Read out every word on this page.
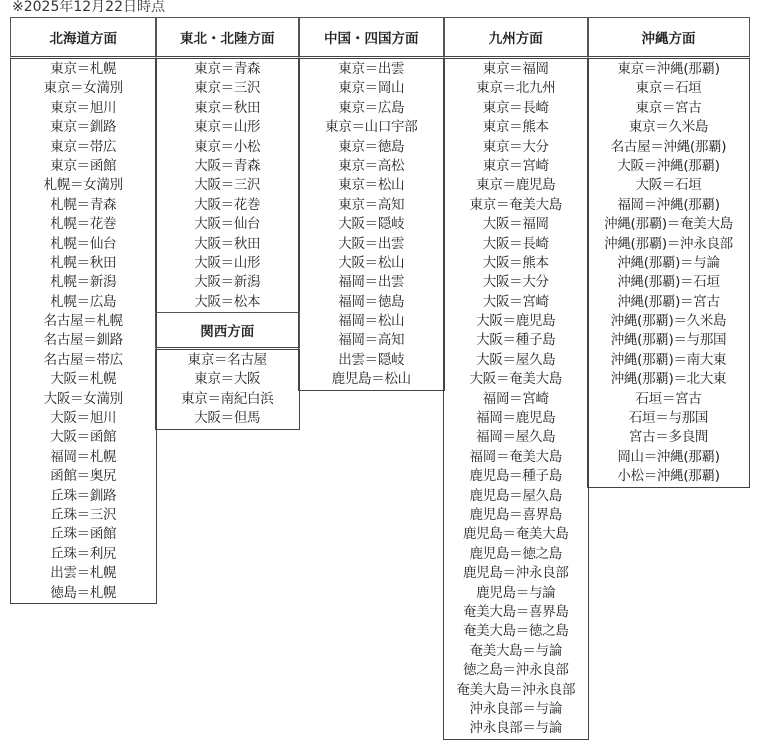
※2025年12月22日時点
北海道方面
東京＝札幌
東京＝女満別
東京＝旭川
東京＝釧路
東京＝帯広
東京＝函館
札幌＝女満別
札幌＝青森
札幌＝花巻
札幌＝仙台
札幌＝秋田
札幌＝新潟
札幌＝広島
名古屋＝札幌
名古屋＝釧路
名古屋＝帯広
大阪＝札幌
大阪＝女満別
大阪＝旭川
大阪＝函館
福岡＝札幌
函館＝奥尻
丘珠＝釧路
丘珠＝三沢
丘珠＝函館
丘珠＝利尻
出雲＝札幌
徳島＝札幌
東北・北陸方面
東京＝青森
東京＝三沢
東京＝秋田
東京＝山形
東京＝小松
大阪＝青森
大阪＝三沢
大阪＝花巻
大阪＝仙台
大阪＝秋田
大阪＝山形
大阪＝新潟
大阪＝松本
中国・四国方面
東京＝出雲
東京＝岡山
東京＝広島
東京＝山口宇部
東京＝徳島
東京＝高松
東京＝松山
東京＝高知
大阪＝隠岐
大阪＝出雲
大阪＝松山
福岡＝出雲
福岡＝徳島
福岡＝松山
福岡＝高知
出雲＝隠岐
鹿児島＝松山
九州方面
東京＝福岡
東京＝北九州
東京＝長崎
東京＝熊本
東京＝大分
東京＝宮崎
東京＝鹿児島
東京＝奄美大島
大阪＝福岡
大阪＝長崎
大阪＝熊本
大阪＝大分
大阪＝宮崎
大阪＝鹿児島
大阪＝種子島
大阪＝屋久島
大阪＝奄美大島
福岡＝宮崎
福岡＝鹿児島
福岡＝屋久島
福岡＝奄美大島
鹿児島＝種子島
鹿児島＝屋久島
鹿児島＝喜界島
鹿児島＝奄美大島
鹿児島＝徳之島
鹿児島＝沖永良部
鹿児島＝与論
奄美大島＝喜界島
奄美大島＝徳之島
奄美大島＝与論
徳之島＝沖永良部
奄美大島＝沖永良部
沖永良部＝与論
沖永良部＝与論
沖縄方面
東京＝沖縄(那覇)
東京＝石垣
東京＝宮古
東京＝久米島
名古屋＝沖縄(那覇)
大阪＝沖縄(那覇)
大阪＝石垣
福岡＝沖縄(那覇)
沖縄(那覇)＝奄美大島
沖縄(那覇)＝沖永良部
沖縄(那覇)＝与論
沖縄(那覇)＝石垣
沖縄(那覇)＝宮古
沖縄(那覇)＝久米島
沖縄(那覇)＝与那国
沖縄(那覇)＝南大東
沖縄(那覇)＝北大東
石垣＝宮古
石垣＝与那国
宮古＝多良間
岡山＝沖縄(那覇)
小松＝沖縄(那覇)
関西方面
東京＝名古屋
東京＝大阪
東京＝南紀白浜
大阪＝但馬
